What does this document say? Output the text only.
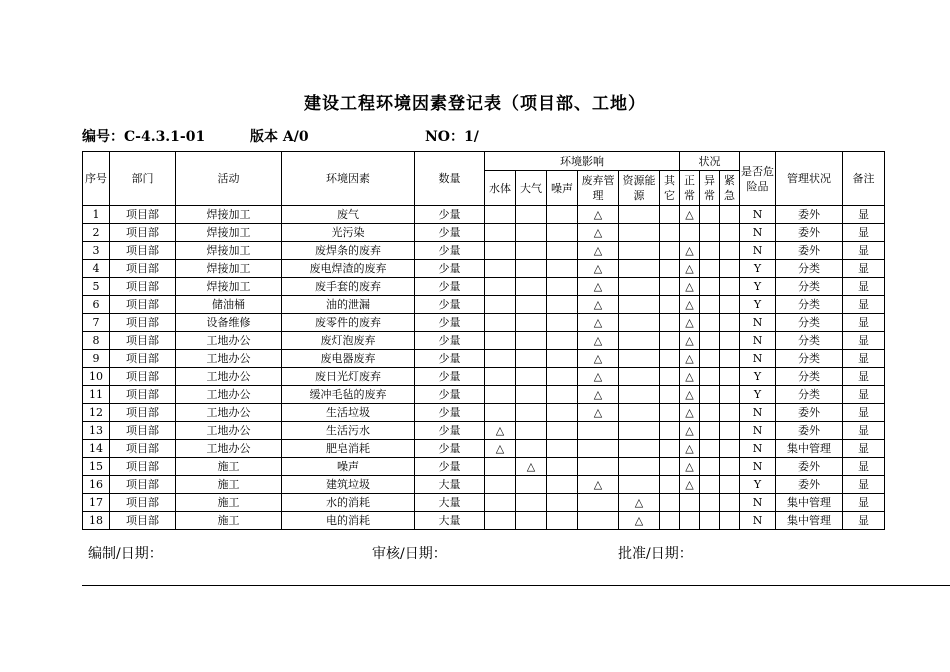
建设工程环境因素登记表（项目部、工地）
编号：C-4.3.1-01	版本 A/0	NO：1/
序号	部门	活动	环境因素	数量	环境影响						状况			是否危险品	管理状况	备注
					水体	大气	噪声	废弃管理	资源能源	其它	正常	异常	紧急			
1	项目部	焊接加工	废气	少量				△			△			N	委外	显
2	项目部	焊接加工	光污染	少量				△						N	委外	显
3	项目部	焊接加工	废焊条的废弃	少量				△			△			N	委外	显
4	项目部	焊接加工	废电焊渣的废弃	少量				△			△			Y	分类	显
5	项目部	焊接加工	废手套的废弃	少量				△			△			Y	分类	显
6	项目部	储油桶	油的泄漏	少量				△			△			Y	分类	显
7	项目部	设备维修	废零件的废弃	少量				△			△			N	分类	显
8	项目部	工地办公	废灯泡废弃	少量				△			△			N	分类	显
9	项目部	工地办公	废电器废弃	少量				△			△			N	分类	显
10	项目部	工地办公	废日光灯废弃	少量				△			△			Y	分类	显
11	项目部	工地办公	缓冲毛毡的废弃	少量				△			△			Y	分类	显
12	项目部	工地办公	生活垃圾	少量				△			△			N	委外	显
13	项目部	工地办公	生活污水	少量	△						△			N	委外	显
14	项目部	工地办公	肥皂消耗	少量	△						△			N	集中管理	显
15	项目部	施工	噪声	少量		△					△			N	委外	显
16	项目部	施工	建筑垃圾	大量				△			△			Y	委外	显
17	项目部	施工	水的消耗	大量					△					N	集中管理	显
18	项目部	施工	电的消耗	大量					△					N	集中管理	显
编制/日期：	审核/日期：	批准/日期：
